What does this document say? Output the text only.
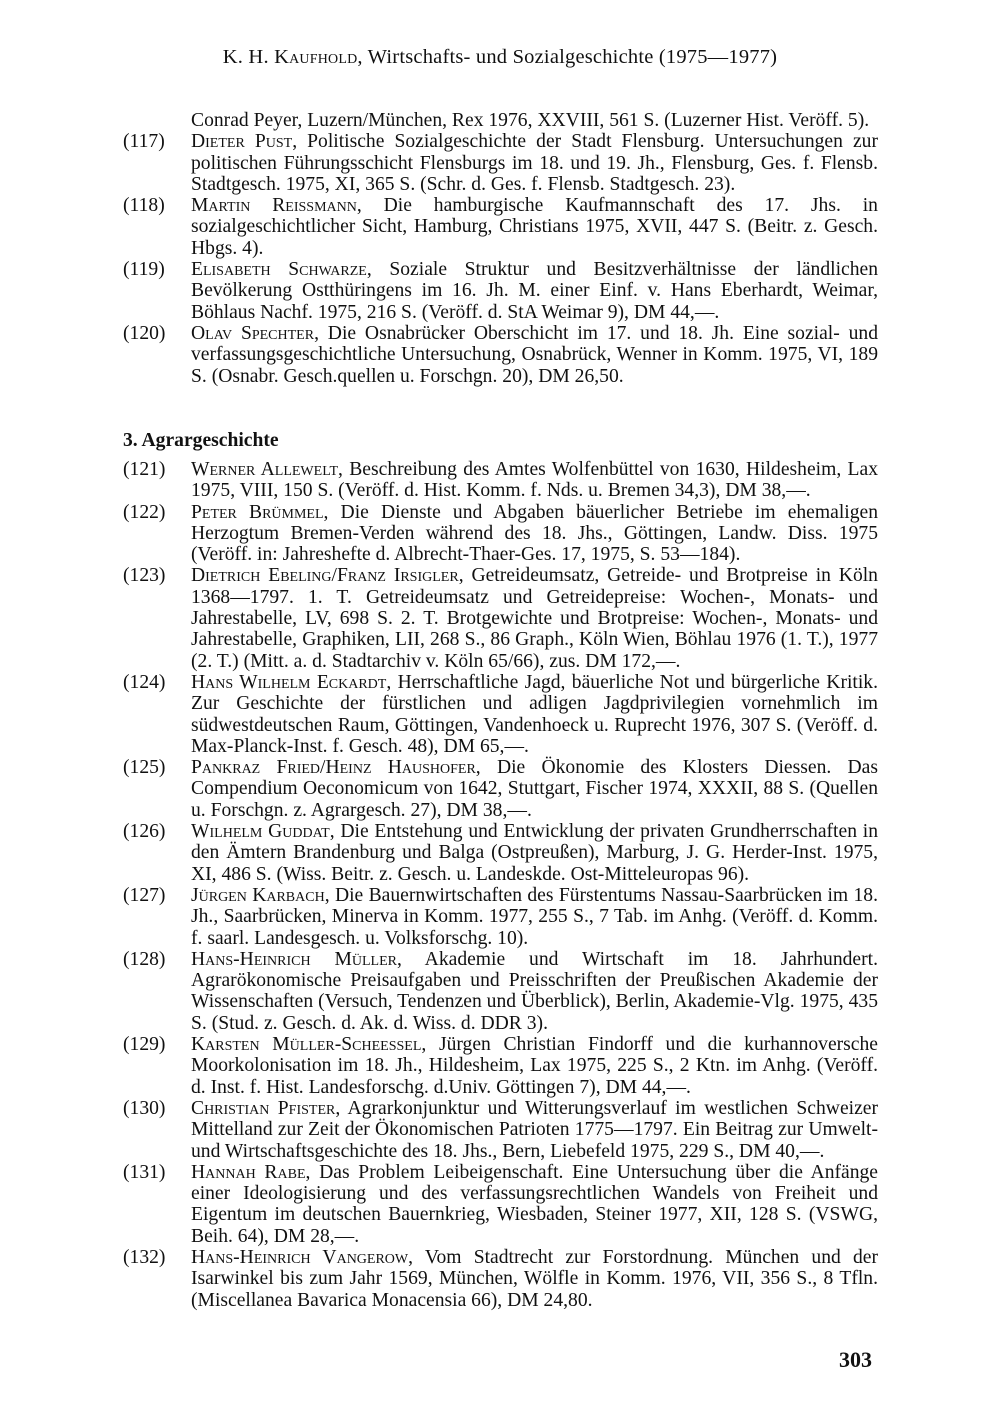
K. H. Kaufhold, Wirtschafts- und Sozialgeschichte (1975—1977)
Conrad Peyer, Luzern/München, Rex 1976, XXVIII, 561 S. (Luzerner Hist. Veröff. 5).
(117)	Dieter Pust, Politische Sozialgeschichte der Stadt Flensburg. Untersuchungen zur politischen Führungsschicht Flensburgs im 18. und 19. Jh., Flensburg, Ges. f. Flensb. Stadtgesch. 1975, XI, 365 S. (Schr. d. Ges. f. Flensb. Stadtgesch. 23).
(118)	Martin Reissmann, Die hamburgische Kaufmannschaft des 17. Jhs. in sozialgeschichtlicher Sicht, Hamburg, Christians 1975, XVII, 447 S. (Beitr. z. Gesch. Hbgs. 4).
(119)	Elisabeth Schwarze, Soziale Struktur und Besitzverhältnisse der ländlichen Bevölkerung Ostthüringens im 16. Jh. M. einer Einf. v. Hans Eberhardt, Weimar, Böhlaus Nachf. 1975, 216 S. (Veröff. d. StA Weimar 9), DM 44,—.
(120)	Olav Spechter, Die Osnabrücker Oberschicht im 17. und 18. Jh. Eine sozial- und verfassungsgeschichtliche Untersuchung, Osnabrück, Wenner in Komm. 1975, VI, 189 S. (Osnabr. Gesch.quellen u. Forschgn. 20), DM 26,50.
3. Agrargeschichte
(121)	Werner Allewelt, Beschreibung des Amtes Wolfenbüttel von 1630, Hildesheim, Lax 1975, VIII, 150 S. (Veröff. d. Hist. Komm. f. Nds. u. Bremen 34,3), DM 38,—.
(122)	Peter Brümmel, Die Dienste und Abgaben bäuerlicher Betriebe im ehemaligen Herzogtum Bremen-Verden während des 18. Jhs., Göttingen, Landw. Diss. 1975 (Veröff. in: Jahreshefte d. Albrecht-Thaer-Ges. 17, 1975, S. 53—184).
(123)	Dietrich Ebeling/Franz Irsigler, Getreideumsatz, Getreide- und Brotpreise in Köln 1368—1797. 1. T. Getreideumsatz und Getreidepreise: Wochen-, Monats- und Jahrestabelle, LV, 698 S. 2. T. Brotgewichte und Brotpreise: Wochen-, Monats- und Jahrestabelle, Graphiken, LII, 268 S., 86 Graph., Köln Wien, Böhlau 1976 (1. T.), 1977 (2. T.) (Mitt. a. d. Stadtarchiv v. Köln 65/66), zus. DM 172,—.
(124)	Hans Wilhelm Eckardt, Herrschaftliche Jagd, bäuerliche Not und bürgerliche Kritik. Zur Geschichte der fürstlichen und adligen Jagdprivilegien vornehmlich im südwestdeutschen Raum, Göttingen, Vandenhoeck u. Ruprecht 1976, 307 S. (Veröff. d. Max-Planck-Inst. f. Gesch. 48), DM 65,—.
(125)	Pankraz Fried/Heinz Haushofer, Die Ökonomie des Klosters Diessen. Das Compendium Oeconomicum von 1642, Stuttgart, Fischer 1974, XXXII, 88 S. (Quellen u. Forschgn. z. Agrargesch. 27), DM 38,—.
(126)	Wilhelm Guddat, Die Entstehung und Entwicklung der privaten Grundherrschaften in den Ämtern Brandenburg und Balga (Ostpreußen), Marburg, J. G. Herder-Inst. 1975, XI, 486 S. (Wiss. Beitr. z. Gesch. u. Landeskde. Ost-Mitteleuropas 96).
(127)	Jürgen Karbach, Die Bauernwirtschaften des Fürstentums Nassau-Saarbrücken im 18. Jh., Saarbrücken, Minerva in Komm. 1977, 255 S., 7 Tab. im Anhg. (Veröff. d. Komm. f. saarl. Landesgesch. u. Volksforschg. 10).
(128)	Hans-Heinrich Müller, Akademie und Wirtschaft im 18. Jahrhundert. Agrarökonomische Preisaufgaben und Preisschriften der Preußischen Akademie der Wissenschaften (Versuch, Tendenzen und Überblick), Berlin, Akademie-Vlg. 1975, 435 S. (Stud. z. Gesch. d. Ak. d. Wiss. d. DDR 3).
(129)	Karsten Müller-Scheessel, Jürgen Christian Findorff und die kurhannoversche Moorkolonisation im 18. Jh., Hildesheim, Lax 1975, 225 S., 2 Ktn. im Anhg. (Veröff. d. Inst. f. Hist. Landesforschg. d.Univ. Göttingen 7), DM 44,—.
(130)	Christian Pfister, Agrarkonjunktur und Witterungsverlauf im westlichen Schweizer Mittelland zur Zeit der Ökonomischen Patrioten 1775—1797. Ein Beitrag zur Umwelt- und Wirtschaftsgeschichte des 18. Jhs., Bern, Liebefeld 1975, 229 S., DM 40,—.
(131)	Hannah Rabe, Das Problem Leibeigenschaft. Eine Untersuchung über die Anfänge einer Ideologisierung und des verfassungsrechtlichen Wandels von Freiheit und Eigentum im deutschen Bauernkrieg, Wiesbaden, Steiner 1977, XII, 128 S. (VSWG, Beih. 64), DM 28,—.
(132)	Hans-Heinrich Vangerow, Vom Stadtrecht zur Forstordnung. München und der Isarwinkel bis zum Jahr 1569, München, Wölfle in Komm. 1976, VII, 356 S., 8 Tfln. (Miscellanea Bavarica Monacensia 66), DM 24,80.
303
